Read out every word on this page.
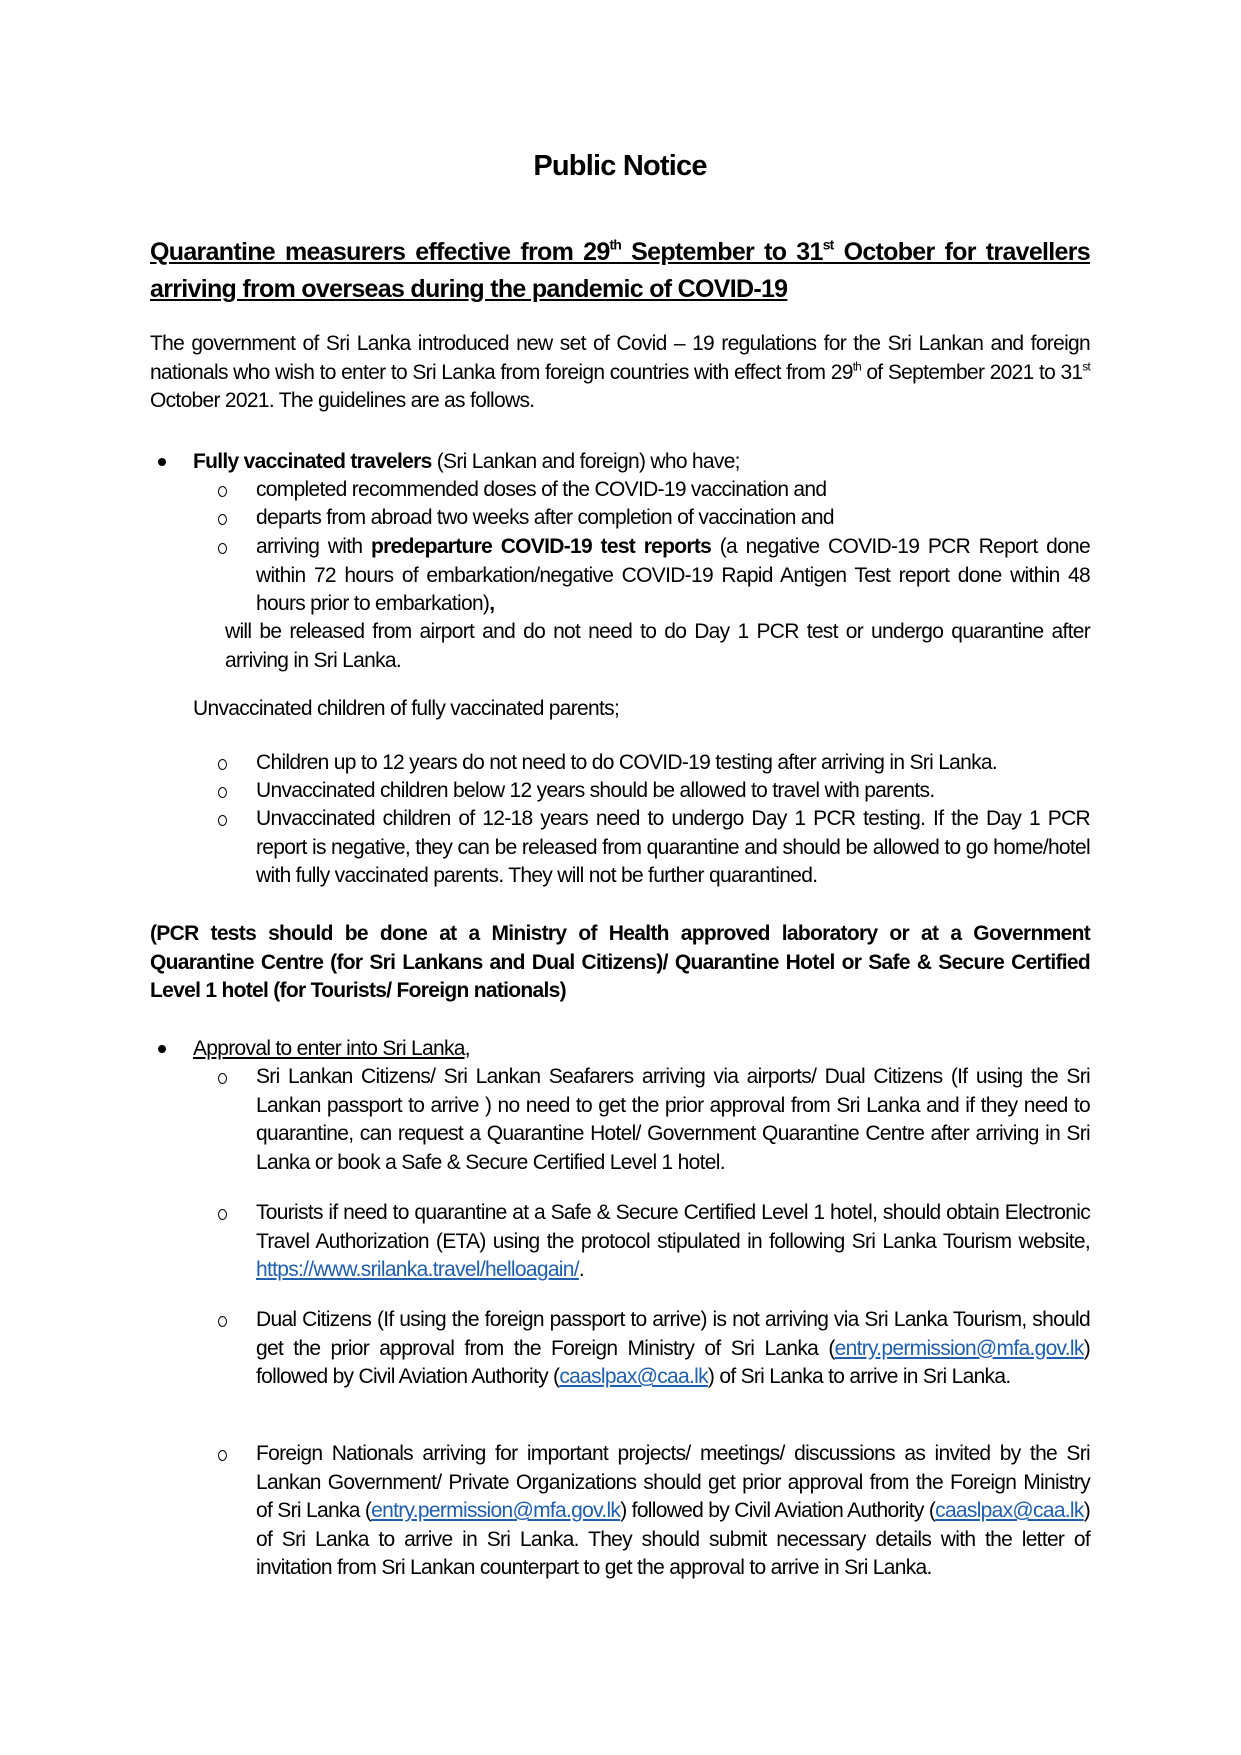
Public Notice
Quarantine measurers effective from 29th September to 31st October for travellers arriving from overseas during the pandemic of COVID-19
The government of Sri Lanka introduced new set of Covid – 19 regulations for the Sri Lankan and foreign nationals who wish to enter to Sri Lanka from foreign countries with effect from 29th of September 2021 to 31st October 2021. The guidelines are as follows.
Fully vaccinated travelers (Sri Lankan and foreign) who have;
completed recommended doses of the COVID-19 vaccination and
departs from abroad two weeks after completion of vaccination and
arriving with predeparture COVID-19 test reports (a negative COVID-19 PCR Report done within 72 hours of embarkation/negative COVID-19 Rapid Antigen Test report done within 48 hours prior to embarkation),
will be released from airport and do not need to do Day 1 PCR test or undergo quarantine after arriving in Sri Lanka.
Unvaccinated children of fully vaccinated parents;
Children up to 12 years do not need to do COVID-19 testing after arriving in Sri Lanka.
Unvaccinated children below 12 years should be allowed to travel with parents.
Unvaccinated children of 12-18 years need to undergo Day 1 PCR testing. If the Day 1 PCR report is negative, they can be released from quarantine and should be allowed to go home/hotel with fully vaccinated parents. They will not be further quarantined.
(PCR tests should be done at a Ministry of Health approved laboratory or at a Government Quarantine Centre (for Sri Lankans and Dual Citizens)/ Quarantine Hotel or Safe & Secure Certified Level 1 hotel (for Tourists/ Foreign nationals)
Approval to enter into Sri Lanka,
Sri Lankan Citizens/ Sri Lankan Seafarers arriving via airports/ Dual Citizens (If using the Sri Lankan passport to arrive ) no need to get the prior approval from Sri Lanka and if they need to quarantine, can request a Quarantine Hotel/ Government Quarantine Centre after arriving in Sri Lanka or book a Safe & Secure Certified Level 1 hotel.
Tourists if need to quarantine at a Safe & Secure Certified Level 1 hotel, should obtain Electronic Travel Authorization (ETA) using the protocol stipulated in following Sri Lanka Tourism website, https://www.srilanka.travel/helloagain/.
Dual Citizens (If using the foreign passport to arrive) is not arriving via Sri Lanka Tourism, should get the prior approval from the Foreign Ministry of Sri Lanka (entry.permission@mfa.gov.lk) followed by Civil Aviation Authority (caaslpax@caa.lk) of Sri Lanka to arrive in Sri Lanka.
Foreign Nationals arriving for important projects/ meetings/ discussions as invited by the Sri Lankan Government/ Private Organizations should get prior approval from the Foreign Ministry of Sri Lanka (entry.permission@mfa.gov.lk) followed by Civil Aviation Authority (caaslpax@caa.lk) of Sri Lanka to arrive in Sri Lanka. They should submit necessary details with the letter of invitation from Sri Lankan counterpart to get the approval to arrive in Sri Lanka.
